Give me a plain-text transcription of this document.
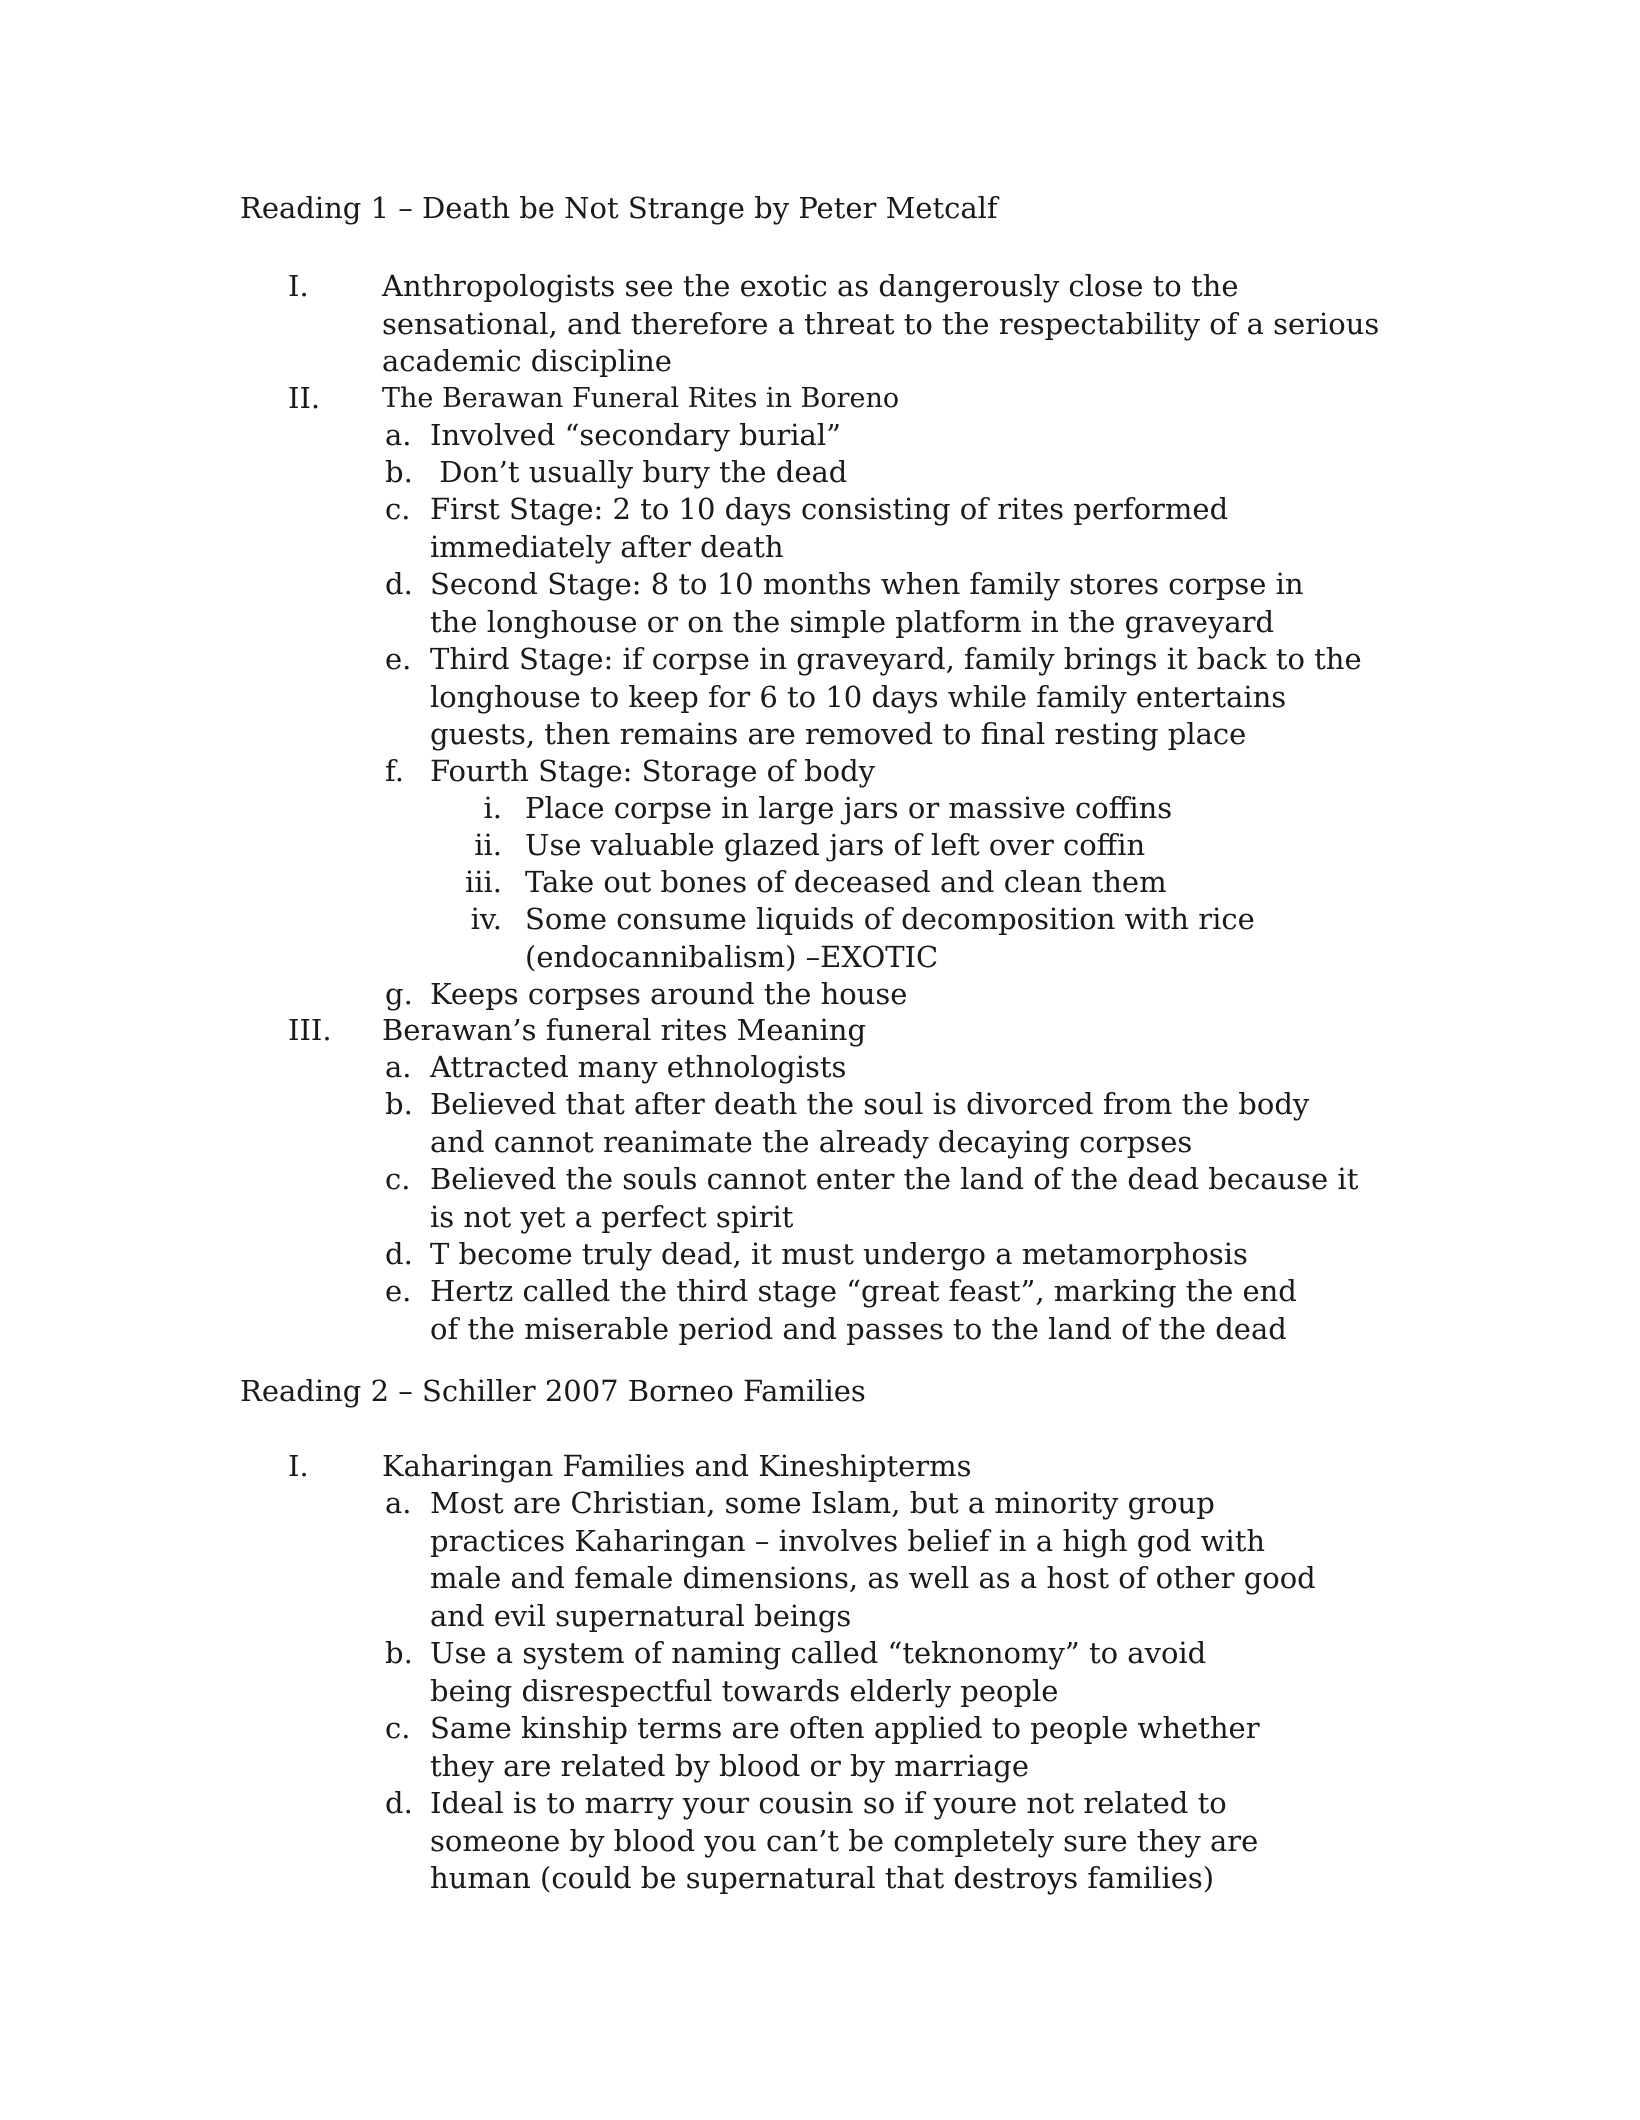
Reading 1 – Death be Not Strange by Peter Metcalf
I.	Anthropologists see the exotic as dangerously close to the sensational, and therefore a threat to the respectability of a serious academic discipline
II. The Berawan Funeral Rites in Boreno
a. Involved “secondary burial”
b. Don’t usually bury the dead
c. First Stage: 2 to 10 days consisting of rites performed immediately after death
d. Second Stage: 8 to 10 months when family stores corpse in the longhouse or on the simple platform in the graveyard
e. Third Stage: if corpse in graveyard, family brings it back to the longhouse to keep for 6 to 10 days while family entertains guests, then remains are removed to final resting place
f. Fourth Stage: Storage of body
i. Place corpse in large jars or massive coffins
ii. Use valuable glazed jars of left over coffin
iii. Take out bones of deceased and clean them
iv. Some consume liquids of decomposition with rice (endocannibalism) –EXOTIC
g. Keeps corpses around the house
III. Berawan’s funeral rites Meaning
a. Attracted many ethnologists
b. Believed that after death the soul is divorced from the body and cannot reanimate the already decaying corpses
c. Believed the souls cannot enter the land of the dead because it is not yet a perfect spirit
d. T become truly dead, it must undergo a metamorphosis
e. Hertz called the third stage “great feast”, marking the end of the miserable period and passes to the land of the dead
Reading 2 – Schiller 2007 Borneo Families
I.	Kaharingan Families and Kineshipterms
a. Most are Christian, some Islam, but a minority group practices Kaharingan – involves belief in a high god with male and female dimensions, as well as a host of other good and evil supernatural beings
b. Use a system of naming called “teknonomy” to avoid being disrespectful towards elderly people
c. Same kinship terms are often applied to people whether they are related by blood or by marriage
d. Ideal is to marry your cousin so if youre not related to someone by blood you can’t be completely sure they are human (could be supernatural that destroys families)
